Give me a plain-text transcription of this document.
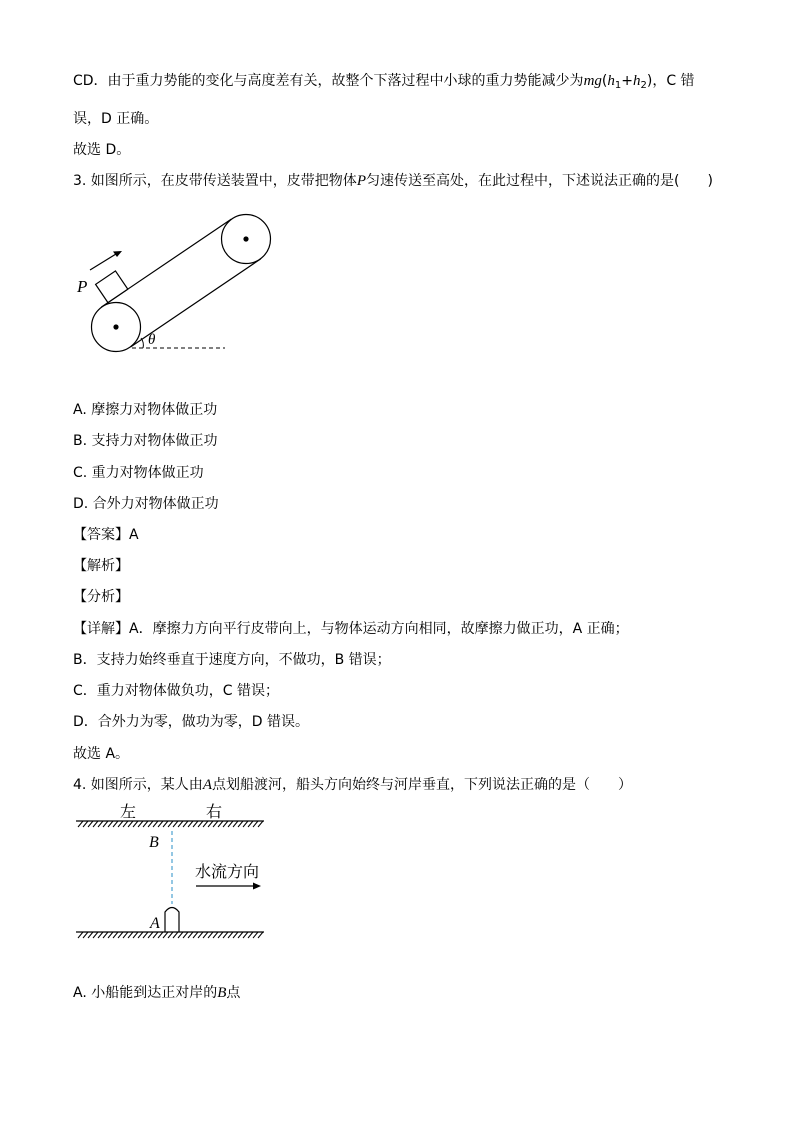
CD．由于重力势能的变化与高度差有关，故整个下落过程中小球的重力势能减少为$mg(h_1+h_2)$，C 错
误，D 正确。
故选 D。
3. 如图所示，在皮带传送装置中，皮带把物体P匀速传送至高处，在此过程中，下述说法正确的是(　　)
P
θ
A. 摩擦力对物体做正功
B. 支持力对物体做正功
C. 重力对物体做正功
D. 合外力对物体做正功
【答案】A
【解析】
【分析】
【详解】A．摩擦力方向平行皮带向上，与物体运动方向相同，故摩擦力做正功，A 正确；
B．支持力始终垂直于速度方向，不做功，B 错误；
C．重力对物体做负功，C 错误；
D．合外力为零，做功为零，D 错误。
故选 A。
4. 如图所示，某人由A点划船渡河，船头方向始终与河岸垂直，下列说法正确的是（　　）
左	右
B
水流方向
A
A. 小船能到达正对岸的B点
